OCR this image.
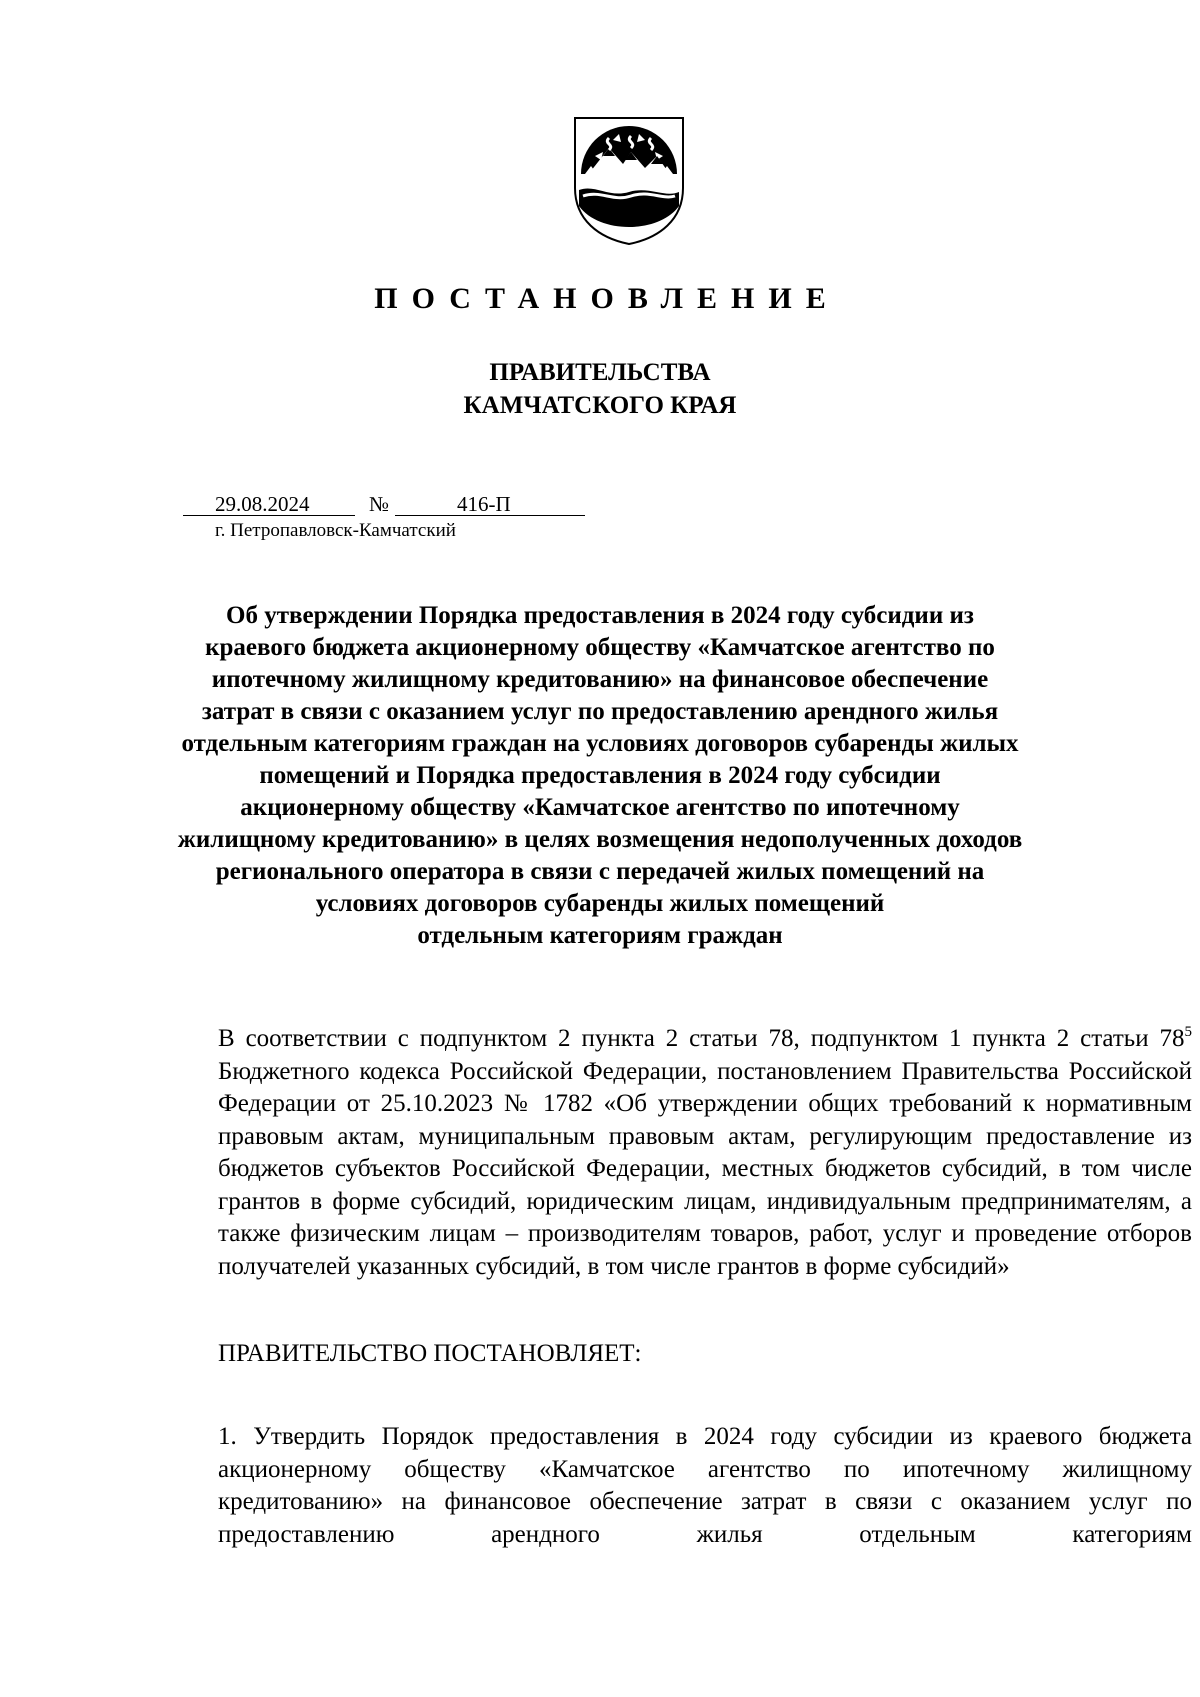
ПОСТАНОВЛЕНИЕ
ПРАВИТЕЛЬСТВА
КАМЧАТСКОГО КРАЯ
29.08.2024	№	416-П
г. Петропавловск-Камчатский
Об утверждении Порядка предоставления в 2024 году субсидии из
краевого бюджета акционерному обществу «Камчатское агентство по
ипотечному жилищному кредитованию» на финансовое обеспечение
затрат в связи с оказанием услуг по предоставлению арендного жилья
отдельным категориям граждан на условиях договоров субаренды жилых
помещений и Порядка предоставления в 2024 году субсидии
акционерному обществу «Камчатское агентство по ипотечному
жилищному кредитованию» в целях возмещения недополученных доходов
регионального оператора в связи с передачей жилых помещений на
условиях договоров субаренды жилых помещений
отдельным категориям граждан
В соответствии с подпунктом 2 пункта 2 статьи 78, подпунктом 1 пункта 2 статьи $78^5$ Бюджетного кодекса Российской Федерации, постановлением Правительства Российской Федерации от 25.10.2023 № 1782 «Об утверждении общих требований к нормативным правовым актам, муниципальным правовым актам, регулирующим предоставление из бюджетов субъектов Российской Федерации, местных бюджетов субсидий, в том числе грантов в форме субсидий, юридическим лицам, индивидуальным предпринимателям, а также физическим лицам – производителям товаров, работ, услуг и проведение отборов получателей указанных субсидий, в том числе грантов в форме субсидий»
ПРАВИТЕЛЬСТВО ПОСТАНОВЛЯЕТ:
1. Утвердить Порядок предоставления в 2024 году субсидии из краевого бюджета акционерному обществу «Камчатское агентство по ипотечному жилищному кредитованию» на финансовое обеспечение затрат в связи с оказанием услуг по предоставлению арендного жилья отдельным категориям
